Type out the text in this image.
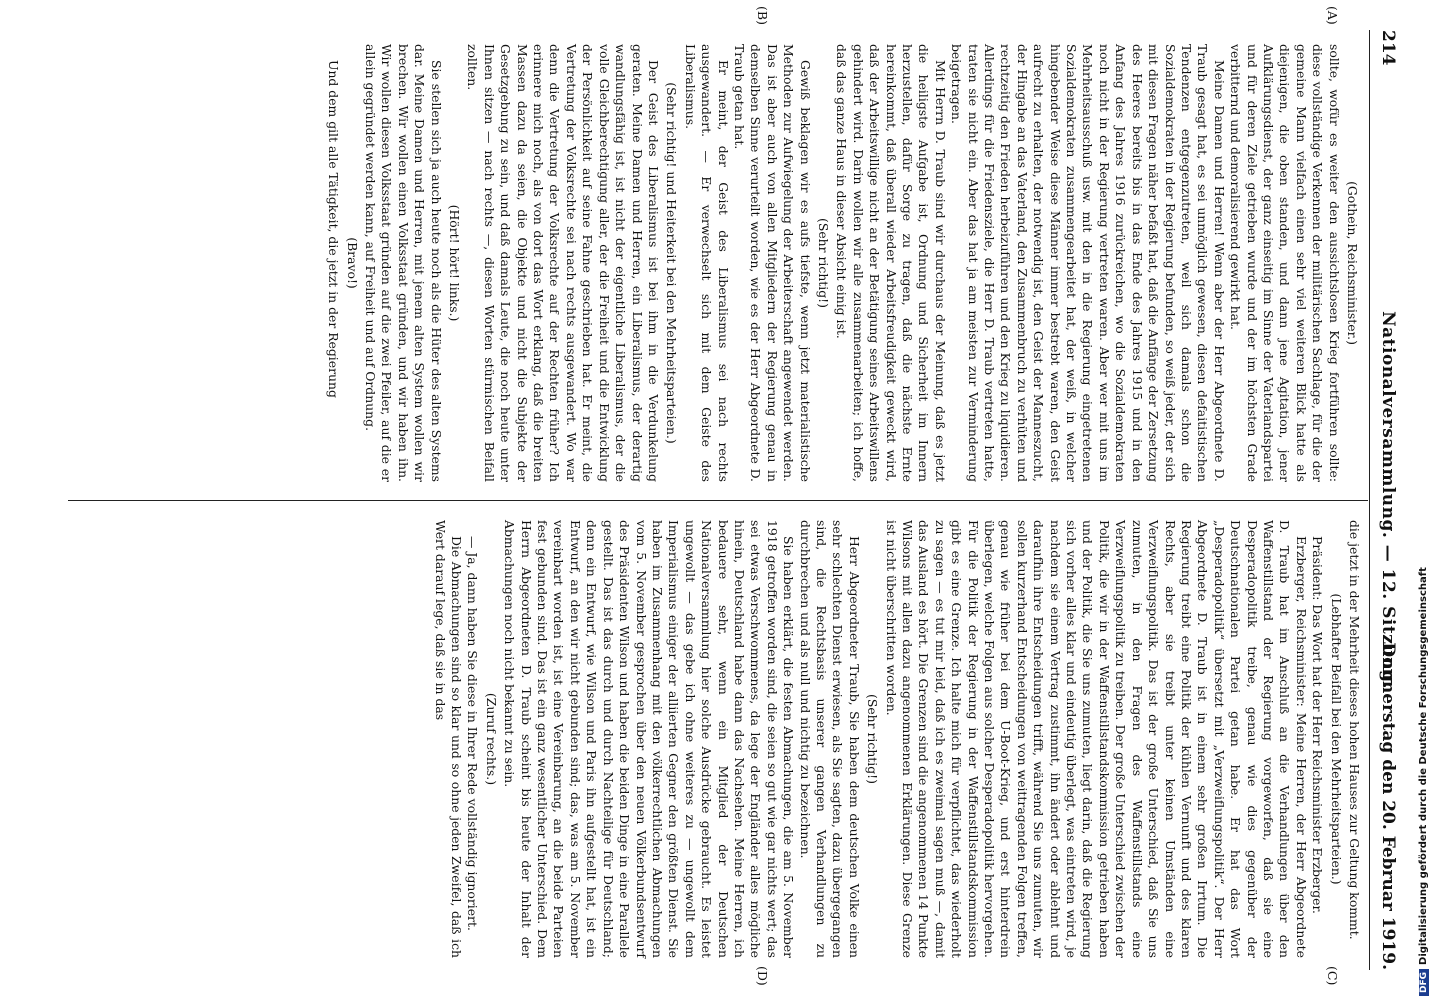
214
Nationalversammlung. — 12. Sitzung.
Donnerstag den 20. Februar 1919.
(A)
(B)
(C)
(D)

(Gothein, Reichsminister.)

sollte, wofür es weiter den aussichtslosen Krieg fortführen sollte: diese vollständige Verkennen der militärischen Sachlage, für die der gemeine Mann vielfach einen sehr viel weiteren Blick hatte als diejenigen, die oben standen, und dann jene Agitation, jener Aufklärungsdienst, der ganz einseitig im Sinne der Vaterlandspartei und für deren Ziele getrieben wurde und der im höchsten Grade verbitternd und demoralisierend gewirkt hat.

Meine Damen und Herren! Wenn aber der Herr Abgeordnete D. Traub gesagt hat, es sei unmöglich gewesen, diesen defaitistischen Tendenzen entgegenzutreten, weil sich damals schon die Sozialdemokraten in der Regierung befunden, so weiß jeder, der sich mit diesen Fragen näher befaßt hat, daß die Anfänge der Zersetzung des Heeres bereits bis in das Ende des Jahres 1915 und in den Anfang des Jahres 1916 zurückreichen, wo die Sozialdemokraten noch nicht in der Regierung vertreten waren. Aber wer mit uns im Mehrheitsausschuß usw. mit den in die Regierung eingetretenen Sozialdemokraten zusammengearbeitet hat, der weiß, in welcher hingebender Weise diese Männer immer bestrebt waren, den Geist aufrecht zu erhalten, der notwendig ist, den Geist der Manneszucht, der Hingabe an das Vaterland, den Zusammenbruch zu verhüten und rechtzeitig den Frieden herbeizuführen und den Krieg zu liquidieren. Allerdings für die Friedensziele, die Herr D. Traub vertreten hatte, traten sie nicht ein. Aber das hat ja am meisten zur Verminderung beigetragen.

Mit Herrn D. Traub sind wir durchaus der Meinung, daß es jetzt die heiligste Aufgabe ist, Ordnung und Sicherheit im Innern herzustellen, dafür Sorge zu tragen, daß die nächste Ernte hereinkommt, daß überall wieder Arbeitsfreudigkeit geweckt wird, daß der Arbeitswillige nicht an der Betätigung seines Arbeitswillens gehindert wird. Darin wollen wir alle zusammenarbeiten; ich hoffe, daß das ganze Haus in dieser Absicht einig ist.

(Sehr richtig!)

Gewiß beklagen wir es aufs tiefste, wenn jetzt materialistische Methoden zur Aufwiegelung der Arbeiterschaft angewendet werden. Das ist aber auch von allen Mitgliedern der Regierung genau in demselben Sinne verurteilt worden, wie es der Herr Abgeordnete D. Traub getan hat.

Er meint, der Geist des Liberalismus sei nach rechts ausgewandert. — Er verwechselt sich mit dem Geiste des Liberalismus.

(Sehr richtig! und Heiterkeit bei den Mehrheitsparteien.)

Der Geist des Liberalismus ist bei ihm in die Verdunkelung geraten. Meine Damen und Herren, ein Liberalismus, der derartig wandlungsfähig ist, ist nicht der eigentliche Liberalismus, der die volle Gleichberechtigung aller, der die Freiheit und die Entwicklung der Persönlichkeit auf seine Fahne geschrieben hat. Er meint, die Vertretung der Volksrechte sei nach rechts ausgewandert. Wo war denn die Vertretung der Volksrechte auf der Rechten früher? Ich erinnere mich noch, als von dort das Wort erklang, daß die breiten Massen dazu da seien, die Objekte und nicht die Subjekte der Gesetzgebung zu sein, und daß damals Leute, die noch heute unter Ihnen sitzen — nach rechts —, diesen Worten stürmischen Beifall zollten.

(Hört! hört! links.)

Sie stellen sich ja auch heute noch als die Hüter des alten Systems dar. Meine Damen und Herren, mit jenem alten System wollen wir brechen. Wir wollen einen Volksstaat gründen, und wir haben ihn. Wir wollen diesen Volksstaat gründen auf die zwei Pfeiler, auf die er allein gegründet werden kann, auf Freiheit und auf Ordnung.

(Bravo!)

Und dem gilt alle Tätigkeit, die jetzt in der Regierung

die jetzt in der Mehrheit dieses hohen Hauses zur Geltung kommt.

(Lebhafter Beifall bei den Mehrheitsparteien.)

Präsident: Das Wort hat der Herr Reichsminister Erzberger.

Erzberger, Reichsminister: Meine Herren, der Herr Abgeordnete D. Traub hat im Anschluß an die Verhandlungen über den Waffenstillstand der Regierung vorgeworfen, daß sie eine Desperadopolitik treibe, genau wie dies gegenüber der Deutschnationalen Partei getan habe. Er hat das Wort „Desperadopolitik“ übersetzt mit „Verzweiflungspolitik“. Der Herr Abgeordnete D. Traub ist in einem sehr großen Irrtum. Die Regierung treibt eine Politik der kühlen Vernunft und des klaren Rechts, aber sie treibt unter keinen Umständen eine Verzweiflungspolitik. Das ist der große Unterschied, daß Sie uns zumuten, in den Fragen des Waffenstillstands eine Verzweiflungspolitik zu treiben. Der große Unterschied zwischen der Politik, die wir in der Waffenstillstandskommission getrieben haben und der Politik, die Sie uns zumuten, liegt darin, daß die Regierung sich vorher alles klar und eindeutig überlegt, was eintreten wird, je nachdem sie einem Vertrag zustimmt, ihn ändert oder ablehnt und daraufhin ihre Entscheidungen trifft, während Sie uns zumuten, wir sollen kurzerhand Entscheidungen von weittragenden Folgen treffen, genau wie früher bei dem U-Boot-Krieg, und erst hinterdrein überlegen, welche Folgen aus solcher Desperadopolitik hervorgehen. Für die Politik der Regierung in der Waffenstillstandskommission gibt es eine Grenze. Ich halte mich für verpflichtet, das wiederholt zu sagen — es tut mir leid, daß ich es zweimal sagen muß —, damit das Ausland es hört. Die Grenzen sind die angenommenen 14 Punkte Wilsons mit allen dazu angenommenen Erklärungen. Diese Grenze ist nicht überschritten worden.

(Sehr richtig!)

Herr Abgeordneter Traub, Sie haben dem deutschen Volke einen sehr schlechten Dienst erwiesen, als Sie sagten, dazu übergegangen sind, die Rechtsbasis unserer gangen Verhandlungen zu durchbrechen und als null und nichtig zu bezeichnen.

Sie haben erklärt, die festen Abmachungen, die am 5. November 1918 getroffen worden sind, die seien so gut wie gar nichts wert; das sei etwas Verschwommenes, da lege der Engländer alles mögliche hinein, Deutschland habe dann das Nachsehen. Meine Herren, ich bedauere sehr, wenn ein Mitglied der Deutschen Nationalversammlung hier solche Ausdrücke gebraucht. Es leistet ungewollt — das gebe ich ohne weiteres zu — ungewollt dem Imperialismus einiger der alliierten Gegner den größten Dienst. Sie haben im Zusammenhang mit den völkerrechtlichen Abmachungen vom 5. November gesprochen über den neuen Völkerbundsentwurf des Präsidenten Wilson und haben die beiden Dinge in eine Parallele gestellt. Das ist das durch und durch Nachteilige für Deutschland; denn ein Entwurf, wie Wilson und Paris ihn aufgestellt hat, ist ein Entwurf, an den wir nicht gebunden sind; das, was am 5. November vereinbart worden ist, ist eine Vereinbarung, an die beide Parteien fest gebunden sind. Das ist ein ganz wesentlicher Unterschied. Dem Herrn Abgeordneten D. Traub scheint bis heute der Inhalt der Abmachungen noch nicht bekannt zu sein.

(Zuruf rechts.)

— Ja, dann haben Sie diese in Ihrer Rede vollständig ignoriert.

Die Abmachungen sind so klar und so ohne jeden Zweifel, daß ich Wert darauf lege, daß sie in das

DFGDigitalisierung gefördert durch die Deutsche Forschungsgemeinschaft
